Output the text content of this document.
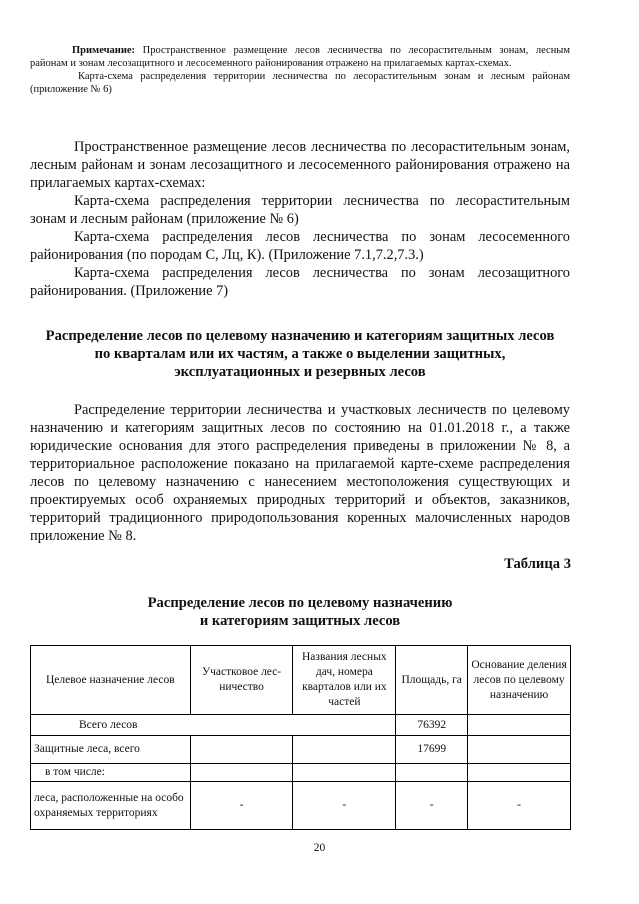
Примечание: Пространственное размещение лесов лесничества по лесорастительным зонам, лесным районам и зонам лесозащитного и лесосеменного районирования отражено на прилагаемых картах-схемах.

Карта-схема распределения территории лесничества по лесорастительным зонам и лесным районам (приложение № 6)

Пространственное размещение лесов лесничества по лесорастительным зонам, лесным районам и зонам лесозащитного и лесосеменного районирования отражено на прилагаемых картах-схемах:

Карта-схема распределения территории лесничества по лесорастительным зонам и лесным районам (приложение № 6)

Карта-схема распределения лесов лесничества по зонам лесосеменного районирования (по породам С, Лц, К). (Приложение 7.1,7.2,7.3.)

Карта-схема распределения лесов лесничества по зонам лесозащитного районирования. (Приложение 7)

Распределение лесов по целевому назначению и категориям защитных лесов
по кварталам или их частям, а также о выделении защитных,
эксплуатационных и резервных лесов

Распределение территории лесничества и участковых лесничеств по целевому назначению и категориям защитных лесов по состоянию на 01.01.2018 г., а также юридические основания для этого распределения приведены в приложении № 8, а территориальное расположение показано на прилагаемой карте-схеме распределения лесов по целевому назначению с нанесением местоположения существующих и проектируемых особ охраняемых природных территорий и объектов, заказников, территорий традиционного природопользования коренных малочисленных народов приложение № 8.

Таблица 3
Распределение лесов по целевому назначению
и категориям защитных лесов
Целевое назначение лесов	Участковое лес-ничество	Названия лесных дач, номера кварталов или их частей	Площадь, га	Основание деления лесов по целевому назначению
Всего лесов			76392	
Защитные леса, всего			17699	
в том числе:				
леса, расположенные на особо охраняемых территориях	-	-	-	-
20
